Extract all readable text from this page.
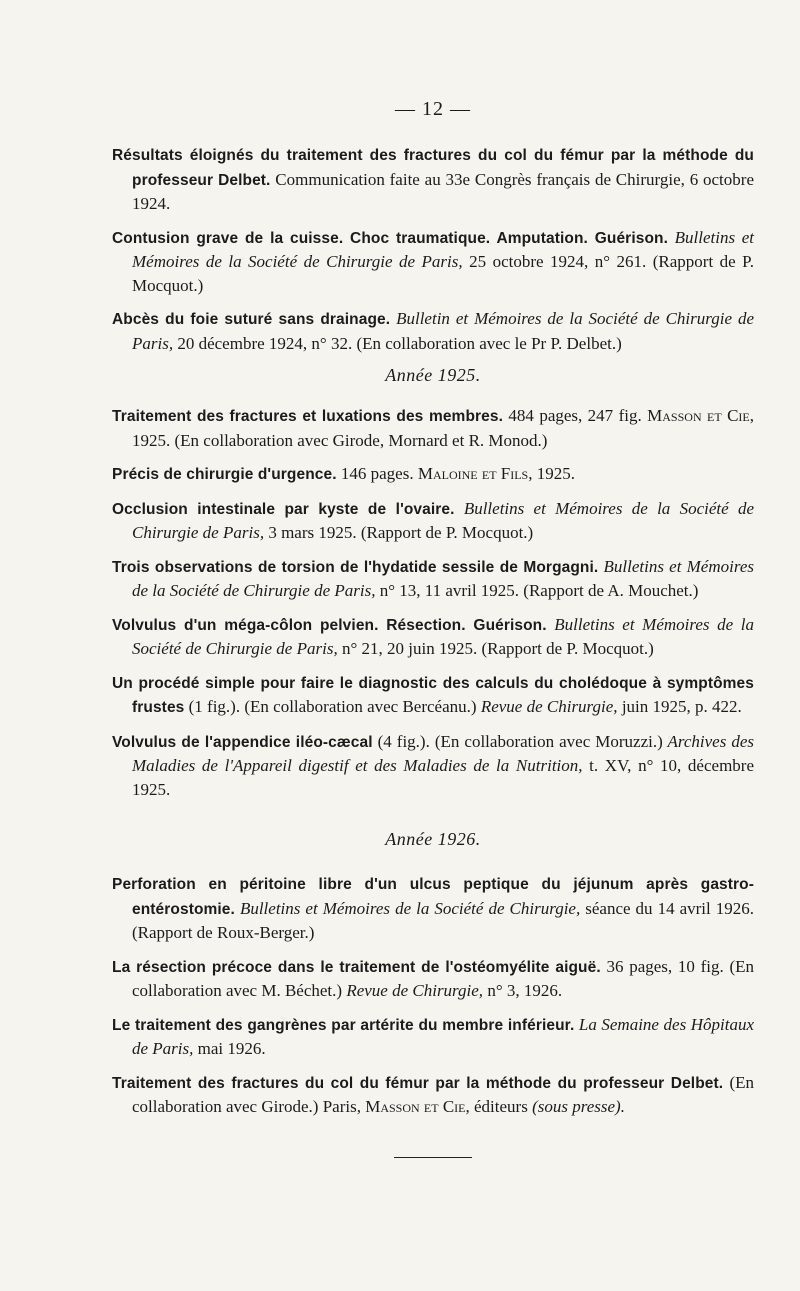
— 12 —

Résultats éloignés du traitement des fractures du col du fémur par la méthode du professeur Delbet. Communication faite au 33e Congrès français de Chirurgie, 6 octobre 1924.

Contusion grave de la cuisse. Choc traumatique. Amputation. Guérison. Bulletins et Mémoires de la Société de Chirurgie de Paris, 25 octobre 1924, n° 261. (Rapport de P. Mocquot.)

Abcès du foie suturé sans drainage. Bulletin et Mémoires de la Société de Chirurgie de Paris, 20 décembre 1924, n° 32. (En collaboration avec le Pr P. Delbet.)

Année 1925.

Traitement des fractures et luxations des membres. 484 pages, 247 fig. Masson et Cie, 1925. (En collaboration avec Girode, Mornard et R. Monod.)

Précis de chirurgie d'urgence. 146 pages. Maloine et Fils, 1925.

Occlusion intestinale par kyste de l'ovaire. Bulletins et Mémoires de la Société de Chirurgie de Paris, 3 mars 1925. (Rapport de P. Mocquot.)

Trois observations de torsion de l'hydatide sessile de Morgagni. Bulletins et Mémoires de la Société de Chirurgie de Paris, n° 13, 11 avril 1925. (Rapport de A. Mouchet.)

Volvulus d'un méga-côlon pelvien. Résection. Guérison. Bulletins et Mémoires de la Société de Chirurgie de Paris, n° 21, 20 juin 1925. (Rapport de P. Mocquot.)

Un procédé simple pour faire le diagnostic des calculs du cholédoque à symptômes frustes (1 fig.). (En collaboration avec Bercéanu.) Revue de Chirurgie, juin 1925, p. 422.

Volvulus de l'appendice iléo-cæcal (4 fig.). (En collaboration avec Moruzzi.) Archives des Maladies de l'Appareil digestif et des Maladies de la Nutrition, t. XV, n° 10, décembre 1925.

Année 1926.

Perforation en péritoine libre d'un ulcus peptique du jéjunum après gastro-entérostomie. Bulletins et Mémoires de la Société de Chirurgie, séance du 14 avril 1926. (Rapport de Roux-Berger.)

La résection précoce dans le traitement de l'ostéomyélite aiguë. 36 pages, 10 fig. (En collaboration avec M. Béchet.) Revue de Chirurgie, n° 3, 1926.

Le traitement des gangrènes par artérite du membre inférieur. La Semaine des Hôpitaux de Paris, mai 1926.

Traitement des fractures du col du fémur par la méthode du professeur Delbet. (En collaboration avec Girode.) Paris, Masson et Cie, éditeurs (sous presse).
